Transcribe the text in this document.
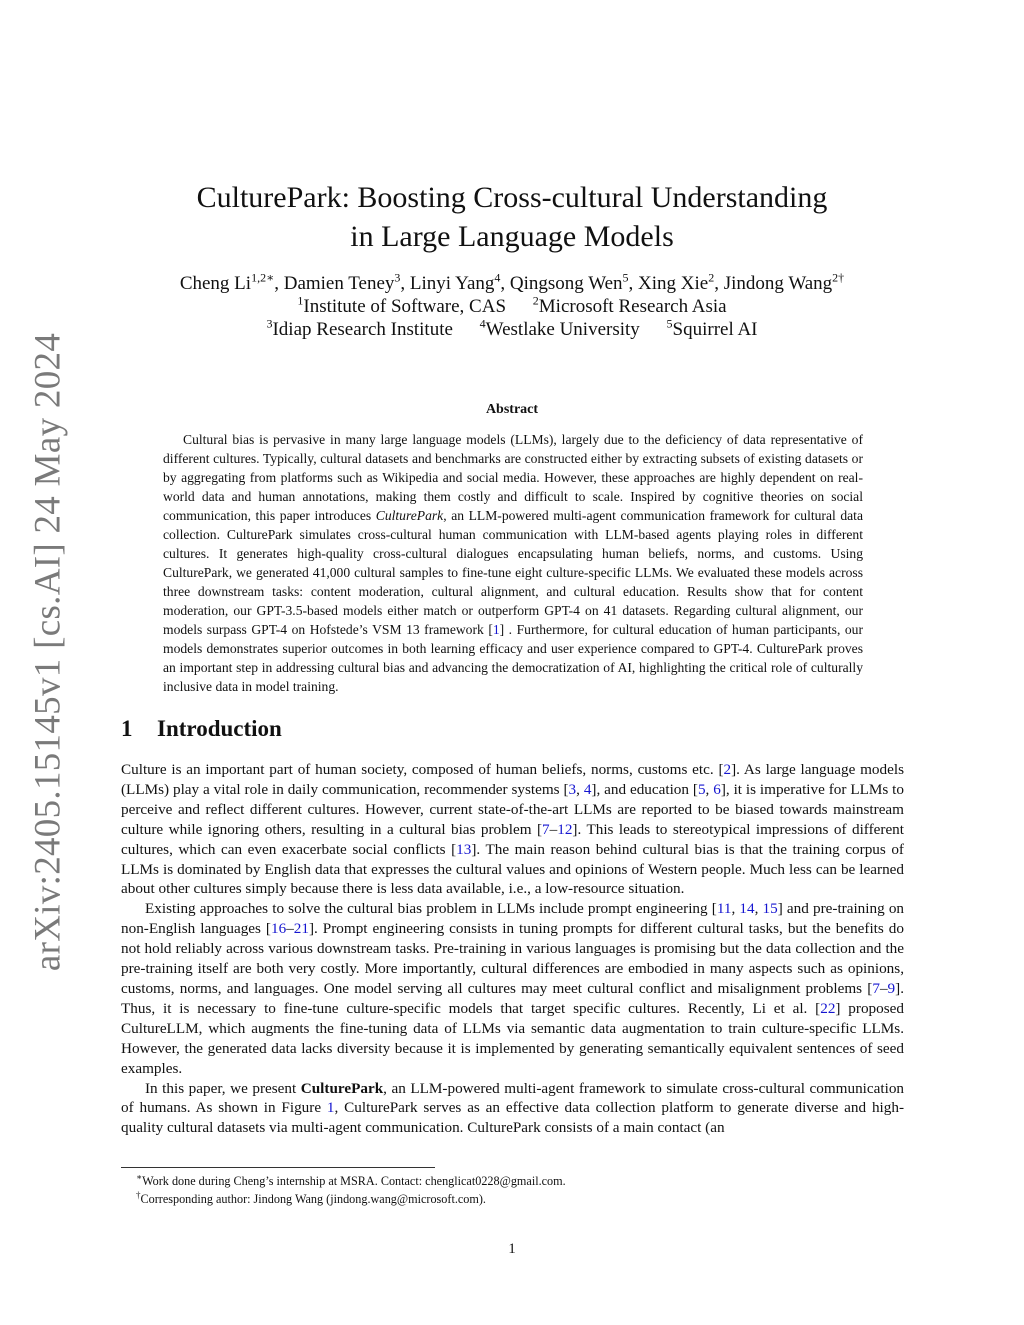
arXiv:2405.15145v1 [cs.AI] 24 May 2024
CulturePark: Boosting Cross-cultural Understanding
in Large Language Models
Cheng $Li^{1,2∗}$, Damien Teney$^3$, Linyi Yang$^4$, Qingsong Wen$^5$, Xing Xie$^2$, Jindong Wang$^{2\dagger}$
$^1$Institute of Software, CAS $^2$Microsoft Research Asia
$^3$Idiap Research Institute $^4$Westlake University $^5$Squirrel AI
Abstract

Cultural bias is pervasive in many large language models (LLMs), largely due to the deficiency of data representative of different cultures. Typically, cultural datasets and benchmarks are constructed either by extracting subsets of existing datasets or by aggregating from platforms such as Wikipedia and social media. However, these approaches are highly dependent on real-world data and human annotations, making them costly and difficult to scale. Inspired by cognitive theories on social communication, this paper introduces CulturePark, an LLM-powered multi-agent communication framework for cultural data collection. CulturePark simulates cross-cultural human communication with LLM-based agents playing roles in different cultures. It generates high-quality cross-cultural dialogues encapsulating human beliefs, norms, and customs. Using CulturePark, we generated 41,000 cultural samples to fine-tune eight culture-specific LLMs. We evaluated these models across three downstream tasks: content moderation, cultural alignment, and cultural education. Results show that for content moderation, our GPT-3.5-based models either match or outperform GPT-4 on 41 datasets. Regarding cultural alignment, our models surpass GPT-4 on Hofstede’s VSM 13 framework [1] . Furthermore, for cultural education of human participants, our models demonstrates superior outcomes in both learning efficacy and user experience compared to GPT-4. CulturePark proves an important step in addressing cultural bias and advancing the democratization of AI, highlighting the critical role of culturally inclusive data in model training.

1 Introduction

Culture is an important part of human society, composed of human beliefs, norms, customs etc. [2]. As large language models (LLMs) play a vital role in daily communication, recommender systems [3, 4], and education [5, 6], it is imperative for LLMs to perceive and reflect different cultures. However, current state-of-the-art LLMs are reported to be biased towards mainstream culture while ignoring others, resulting in a cultural bias problem [7–12]. This leads to stereotypical impressions of different cultures, which can even exacerbate social conflicts [13]. The main reason behind cultural bias is that the training corpus of LLMs is dominated by English data that expresses the cultural values and opinions of Western people. Much less can be learned about other cultures simply because there is less data available, i.e., a low-resource situation.

Existing approaches to solve the cultural bias problem in LLMs include prompt engineering [11, 14, 15] and pre-training on non-English languages [16–21]. Prompt engineering consists in tuning prompts for different cultural tasks, but the benefits do not hold reliably across various downstream tasks. Pre-training in various languages is promising but the data collection and the pre-training itself are both very costly. More importantly, cultural differences are embodied in many aspects such as opinions, customs, norms, and languages. One model serving all cultures may meet cultural conflict and misalignment problems [7–9]. Thus, it is necessary to fine-tune culture-specific models that target specific cultures. Recently, Li et al. [22] proposed CultureLLM, which augments the fine-tuning data of LLMs via semantic data augmentation to train culture-specific LLMs. However, the generated data lacks diversity because it is implemented by generating semantically equivalent sentences of seed examples.

In this paper, we present CulturePark, an LLM-powered multi-agent framework to simulate cross-cultural communication of humans. As shown in Figure 1, CulturePark serves as an effective data collection platform to generate diverse and high-quality cultural datasets via multi-agent communication. CulturePark consists of a main contact (an

∗Work done during Cheng’s internship at MSRA. Contact: chenglicat0228@gmail.com.
†Corresponding author: Jindong Wang (jindong.wang@microsoft.com).
1
